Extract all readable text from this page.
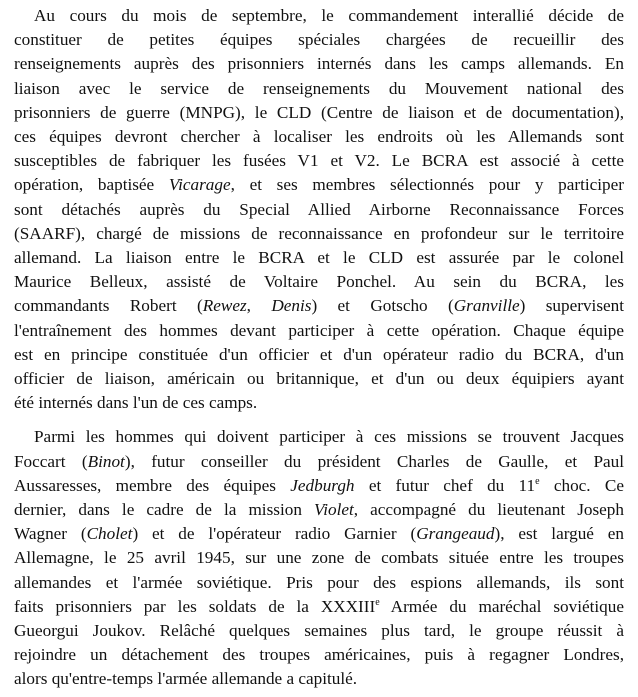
Au cours du mois de septembre, le commandement interallié décide de
constituer de petites équipes spéciales chargées de recueillir des
renseignements auprès des prisonniers internés dans les camps allemands. En
liaison avec le service de renseignements du Mouvement national des
prisonniers de guerre (MNPG), le CLD (Centre de liaison et de documentation),
ces équipes devront chercher à localiser les endroits où les Allemands sont
susceptibles de fabriquer les fusées V1 et V2. Le BCRA est associé à cette
opération, baptisée Vicarage, et ses membres sélectionnés pour y participer
sont détachés auprès du Special Allied Airborne Reconnaissance Forces
(SAARF), chargé de missions de reconnaissance en profondeur sur le territoire
allemand. La liaison entre le BCRA et le CLD est assurée par le colonel
Maurice Belleux, assisté de Voltaire Ponchel. Au sein du BCRA, les
commandants Robert (Rewez, Denis) et Gotscho (Granville) supervisent
l'entraînement des hommes devant participer à cette opération. Chaque équipe
est en principe constituée d'un officier et d'un opérateur radio du BCRA, d'un
officier de liaison, américain ou britannique, et d'un ou deux équipiers ayant
été internés dans l'un de ces camps.
Parmi les hommes qui doivent participer à ces missions se trouvent Jacques
Foccart (Binot), futur conseiller du président Charles de Gaulle, et Paul
Aussaresses, membre des équipes Jedburgh et futur chef du 11e choc. Ce
dernier, dans le cadre de la mission Violet, accompagné du lieutenant Joseph
Wagner (Cholet) et de l'opérateur radio Garnier (Grangeaud), est largué en
Allemagne, le 25 avril 1945, sur une zone de combats située entre les troupes
allemandes et l'armée soviétique. Pris pour des espions allemands, ils sont
faits prisonniers par les soldats de la XXXIIIe Armée du maréchal soviétique
Gueorgui Joukov. Relâché quelques semaines plus tard, le groupe réussit à
rejoindre un détachement des troupes américaines, puis à regagner Londres,
alors qu'entre-temps l'armée allemande a capitulé.
